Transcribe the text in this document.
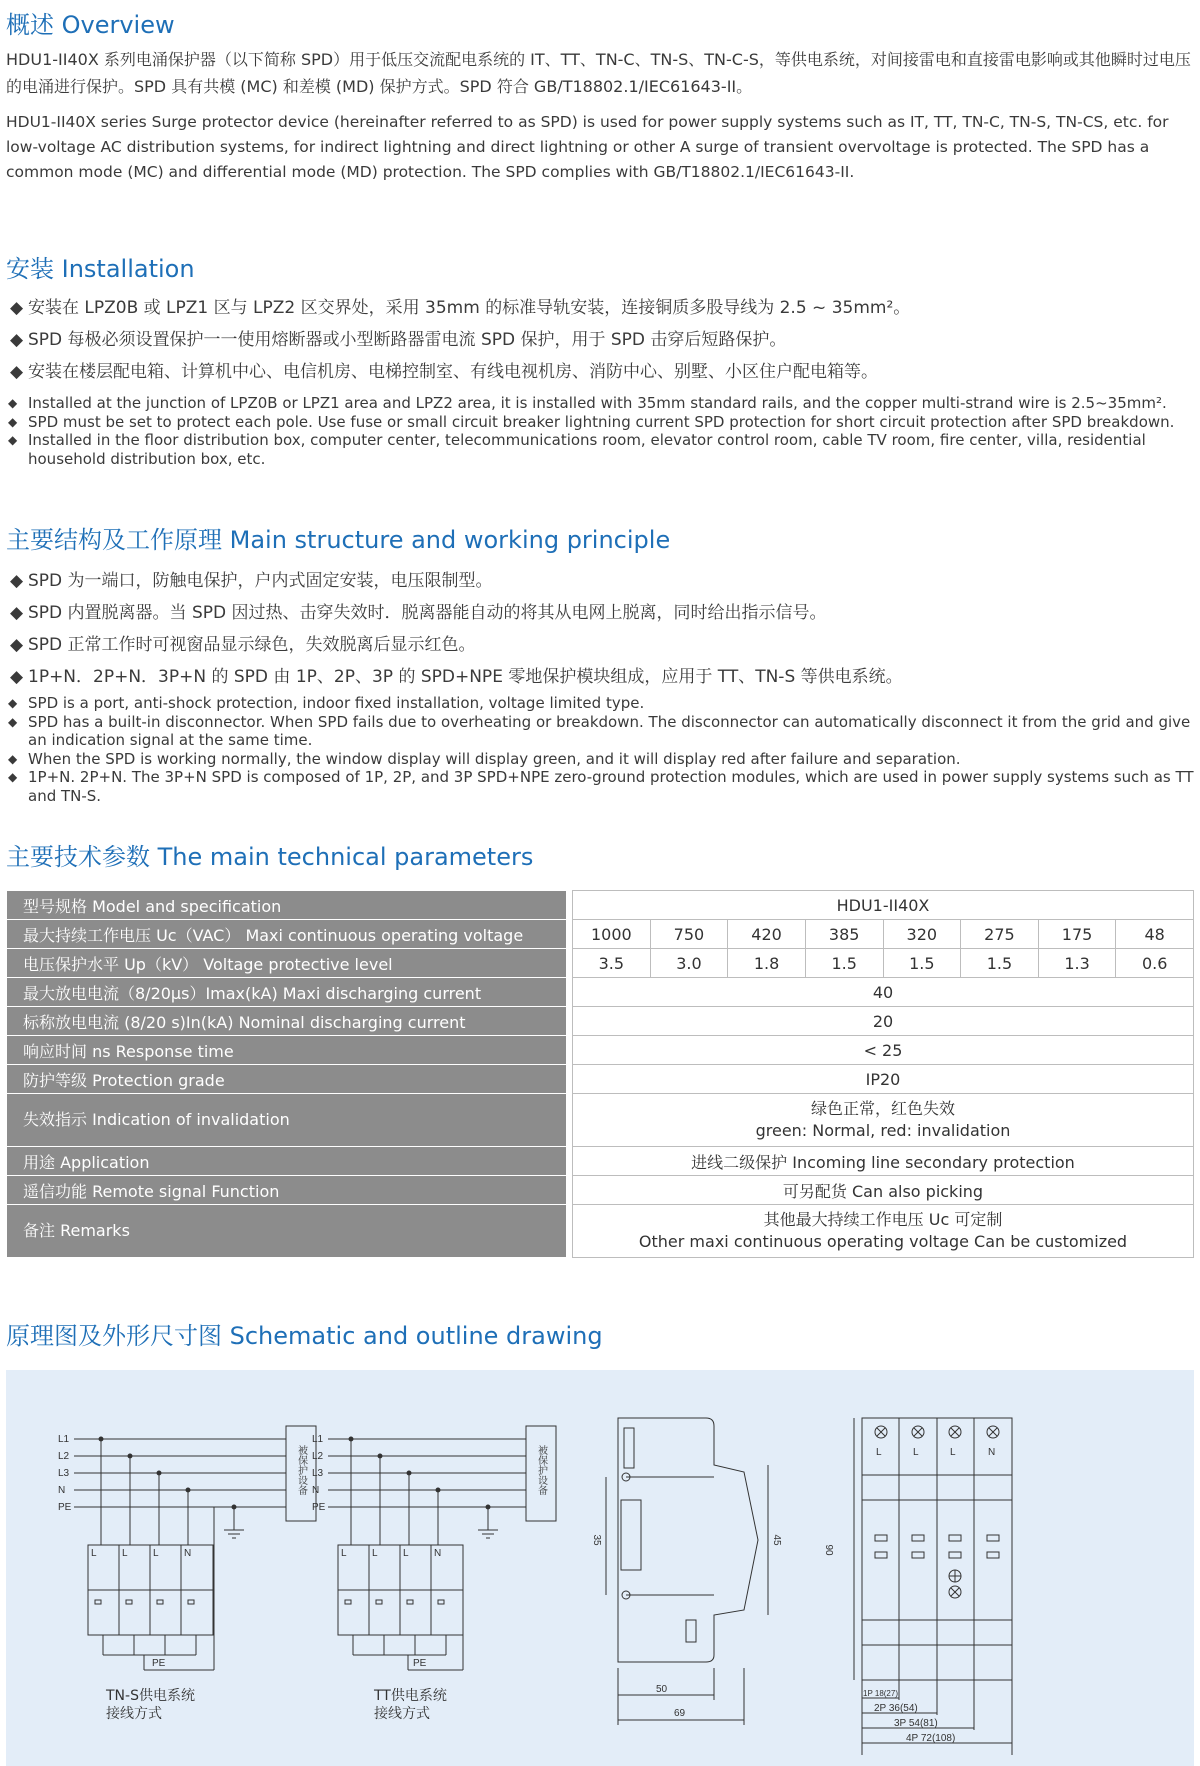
概述 Overview

HDU1-II40X 系列电涌保护器（以下简称 SPD）用于低压交流配电系统的 IT、TT、TN-C、TN-S、TN-C-S，等供电系统，对间接雷电和直接雷电影响或其他瞬时过电压的电涌进行保护。SPD 具有共模 (MC) 和差模 (MD) 保护方式。SPD 符合 GB/T18802.1/IEC61643-II。

HDU1-II40X series Surge protector device (hereinafter referred to as SPD) is used for power supply systems such as IT, TT, TN-C, TN-S, TN-CS, etc. for low-voltage AC distribution systems, for indirect lightning and direct lightning or other A surge of transient overvoltage is protected. The SPD has a common mode (MC) and differential mode (MD) protection. The SPD complies with GB/T18802.1/IEC61643-II.

安装 Installation
◆ 安装在 LPZ0B 或 LPZ1 区与 LPZ2 区交界处，采用 35mm 的标准导轨安装，连接铜质多股导线为 2.5 ~ 35mm²。
◆ SPD 每极必须设置保护一一使用熔断器或小型断路器雷电流 SPD 保护，用于 SPD 击穿后短路保护。
◆ 安装在楼层配电箱、计算机中心、电信机房、电梯控制室、有线电视机房、消防中心、别墅、小区住户配电箱等。
◆ Installed at the junction of LPZ0B or LPZ1 area and LPZ2 area, it is installed with 35mm standard rails, and the copper multi-strand wire is 2.5~35mm².
◆ SPD must be set to protect each pole. Use fuse or small circuit breaker lightning current SPD protection for short circuit protection after SPD breakdown.
◆ Installed in the floor distribution box, computer center, telecommunications room, elevator control room, cable TV room, fire center, villa, residential household distribution box, etc.
主要结构及工作原理 Main structure and working principle
◆ SPD 为一端口，防触电保护，户内式固定安装，电压限制型。
◆ SPD 内置脱离器。当 SPD 因过热、击穿失效时．脱离器能自动的将其从电网上脱离，同时给出指示信号。
◆ SPD 正常工作时可视窗品显示绿色，失效脱离后显示红色。
◆ 1P+N．2P+N．3P+N 的 SPD 由 1P、2P、3P 的 SPD+NPE 零地保护模块组成，应用于 TT、TN-S 等供电系统。
◆ SPD is a port, anti-shock protection, indoor fixed installation, voltage limited type.
◆ SPD has a built-in disconnector. When SPD fails due to overheating or breakdown. The disconnector can automatically disconnect it from the grid and give an indication signal at the same time.
◆ When the SPD is working normally, the window display will display green, and it will display red after failure and separation.
◆ 1P+N. 2P+N. The 3P+N SPD is composed of 1P, 2P, and 3P SPD+NPE zero-ground protection modules, which are used in power supply systems such as TT and TN-S.
主要技术参数 The main technical parameters
型号规格 Model and specification		HDU1-II40X							
最大持续工作电压 Uc（VAC） Maxi continuous operating voltage		1000	750	420	385	320	275	175	48
电压保护水平 Up（kV） Voltage protective level		3.5	3.0	1.8	1.5	1.5	1.5	1.3	0.6
最大放电电流（8/20μs）Imax(kA) Maxi discharging current		40							
标称放电电流 (8/20 s)In(kA) Nominal discharging current		20							
响应时间 ns Response time		< 25							
防护等级 Protection grade		IP20							
失效指示 Indication of invalidation		绿色正常，红色失效
green: Normal, red: invalidation							

用途 Application		进线二级保护 Incoming line secondary protection							
遥信功能 Remote signal Function		可另配货 Can also picking							
备注 Remarks		其他最大持续工作电压 Uc 可定制
Other maxi continuous operating voltage Can be customized							
原理图及外形尺寸图 Schematic and outline drawing
L1
L2
L3
N
PE
被保护设备
L	L	L	N
PE
TN-S供电系统
接线方式
L1
L2
L3
N
PE
被保护设备
L	L	L	N
PE
TT供电系统
接线方式
35	45
50
69
90
L	L	L	N
1P 18(27)
2P 36(54)
3P 54(81)
4P 72(108)
